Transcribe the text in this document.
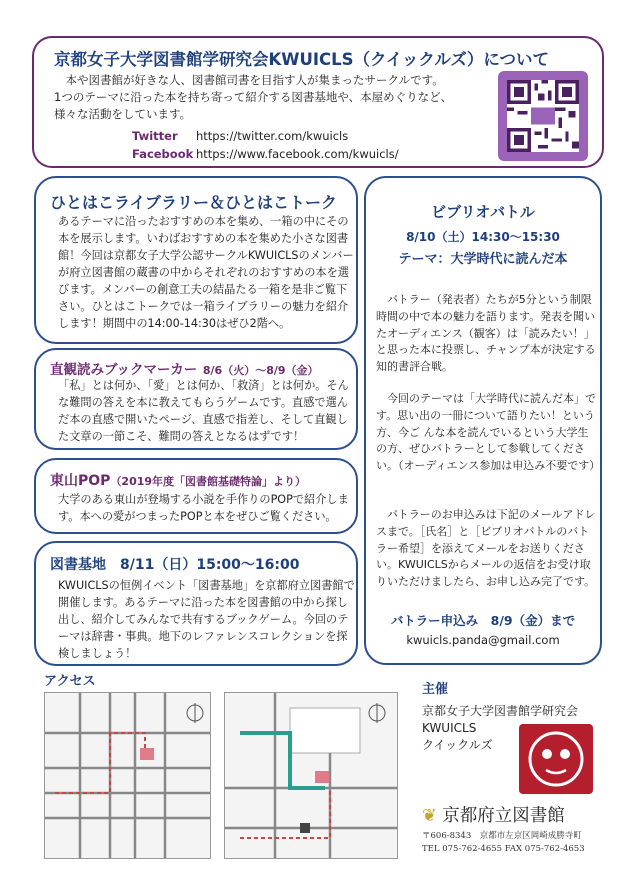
京都女子大学図書館学研究会KWUICLS（クイックルズ）について
本や図書館が好きな人、図書館司書を目指す人が集まったサークルです。
1つのテーマに沿った本を持ち寄って紹介する図書基地や、本屋めぐりなど、
様々な活動をしています。
Twitter https://twitter.com/kwuicls
Facebook https://www.facebook.com/kwuicls/
ひとはこライブラリー＆ひとはこトーク

あるテーマに沿ったおすすめの本を集め、一箱の中にその本を展示します。いわばおすすめの本を集めた小さな図書館！今回は京都女子大学公認サークルKWUICLSのメンバーが府立図書館の蔵書の中からそれぞれのおすすめの本を選びます。メンバーの創意工夫の結晶たる一箱を是非ご覧下さい。ひとはこトークでは一箱ライブラリーの魅力を紹介します！期間中の14:00-14:30はぜひ2階へ。

直観読みブックマーカー 8/6（火）～8/9（金）

「私」とは何か、「愛」とは何か、「救済」とは何か。そんな難問の答えを本に教えてもらうゲームです。直感で選んだ本の直感で開いたページ、直感で指差し、そして直観した文章の一節こそ、難問の答えとなるはずです！

東山POP（2019年度「図書館基礎特論」より）

大学のある東山が登場する小説を手作りのPOPで紹介します。本への愛がつまったPOPと本をぜひご覧ください。

図書基地　8/11（日）15:00～16:00

KWUICLSの恒例イベント「図書基地」を京都府立図書館で開催します。あるテーマに沿った本を図書館の中から探し出し、紹介してみんなで共有するブックゲーム。今回のテーマは辞書・事典。地下のレファレンスコレクションを探検しましょう！

ビブリオバトル
8/10（土）14:30～15:30
テーマ：大学時代に読んだ本

バトラー（発表者）たちが5分という制限時間の中で本の魅力を語ります。発表を聞いたオーディエンス（観客）は「読みたい！」と思った本に投票し、チャンプ本が決定する知的書評合戦。

今回のテーマは「大学時代に読んだ本」です。思い出の一冊について語りたい！という方、今ご んな本を読んでいるという大学生の方、ぜひバトラーとして参戦してください。（オーディエンス参加は申込み不要です）

バトラーのお申込みは下記のメールアドレスまで。［氏名］と［ビブリオバトルのバトラー希望］を添えてメールをお送りください。KWUICLSからメールの返信をお受け取りいただけましたら、お申し込み完了です。

バトラー申込み　8/9（金）まで
kwuicls.panda@gmail.com
アクセス
主催
京都女子大学図書館学研究会
KWUICLS
クイックルズ
❦ 京都府立図書館
〒606-8343　京都市左京区岡崎成勝寺町
TEL 075-762-4655 FAX 075-762-4653
